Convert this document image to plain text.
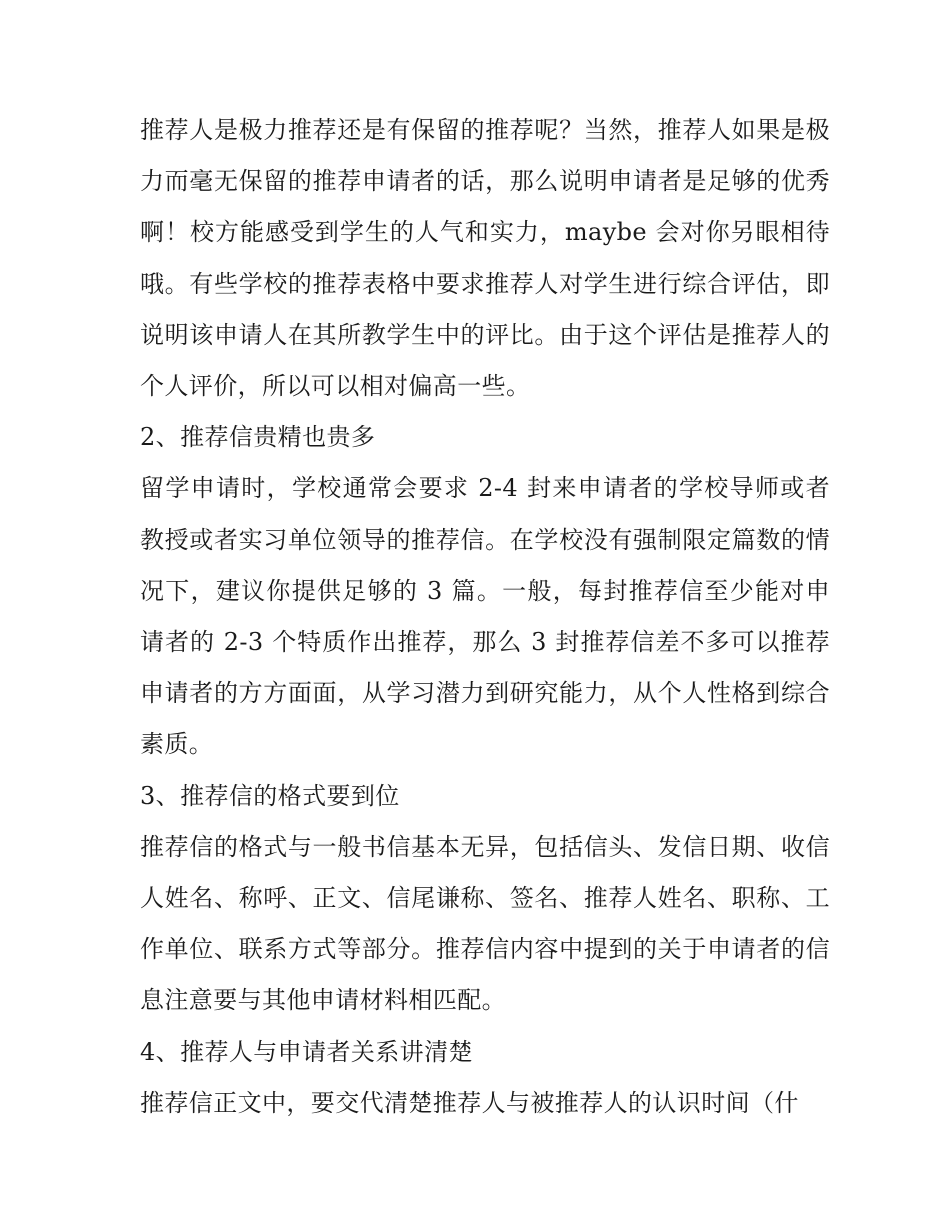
推荐人是极力推荐还是有保留的推荐呢？当然，推荐人如果是极力而毫无保留的推荐申请者的话，那么说明申请者是足够的优秀啊！校方能感受到学生的人气和实力，maybe 会对你另眼相待哦。有些学校的推荐表格中要求推荐人对学生进行综合评估，即说明该申请人在其所教学生中的评比。由于这个评估是推荐人的个人评价，所以可以相对偏高一些。

2、推荐信贵精也贵多

留学申请时，学校通常会要求 2-4 封来申请者的学校导师或者教授或者实习单位领导的推荐信。在学校没有强制限定篇数的情况下，建议你提供足够的 3 篇。一般，每封推荐信至少能对申请者的 2-3 个特质作出推荐，那么 3 封推荐信差不多可以推荐申请者的方方面面，从学习潜力到研究能力，从个人性格到综合素质。

3、推荐信的格式要到位

推荐信的格式与一般书信基本无异，包括信头、发信日期、收信人姓名、称呼、正文、信尾谦称、签名、推荐人姓名、职称、工作单位、联系方式等部分。推荐信内容中提到的关于申请者的信息注意要与其他申请材料相匹配。

4、推荐人与申请者关系讲清楚

推荐信正文中，要交代清楚推荐人与被推荐人的认识时间（什
